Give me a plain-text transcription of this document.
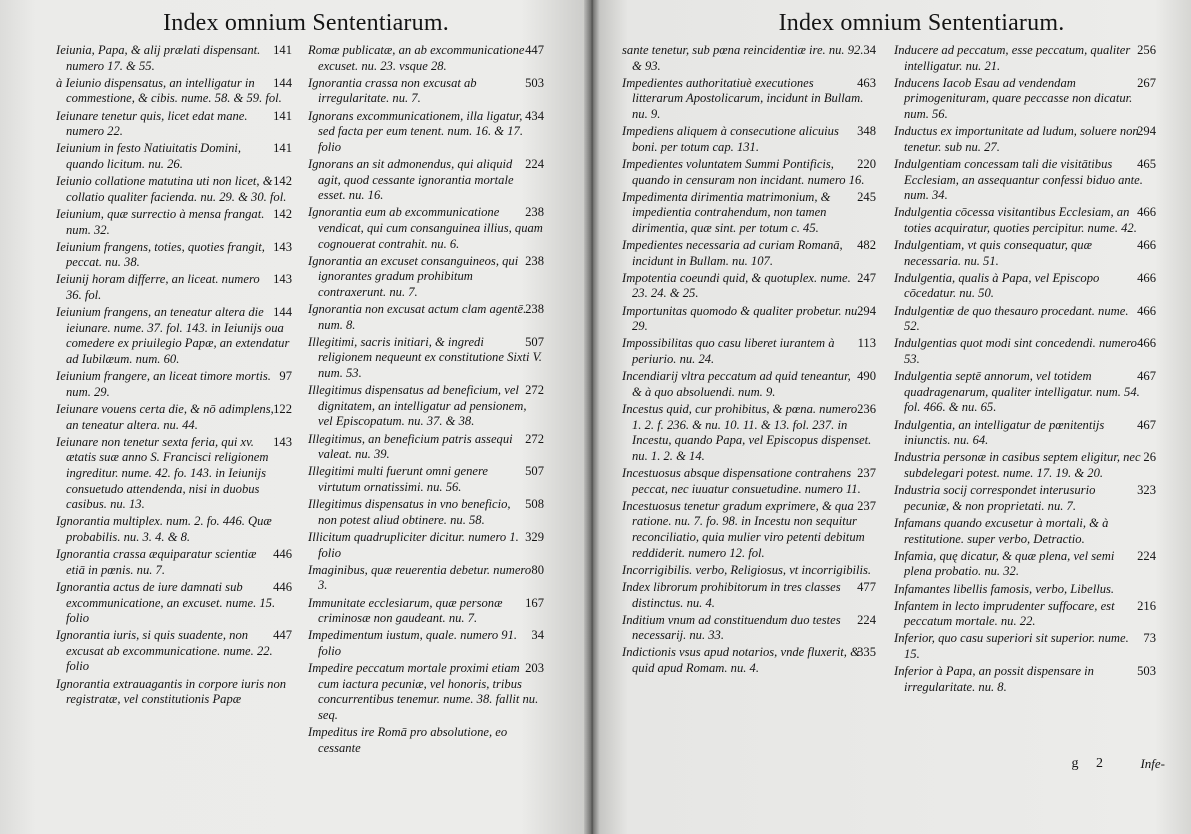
Index omnium Sententiarum.
141
Ieiunia, Papa, & alij prælati dispensant. numero 17. & 55.
144
à Ieiunio dispensatus, an intelligatur in commestione, & cibis. nume. 58. & 59. fol.
141
Ieiunare tenetur quis, licet edat mane. numero 22.
141
Ieiunium in festo Natiuitatis Domini, quando licitum. nu. 26.
142
Ieiunio collatione matutina uti non licet, & collatio qualiter facienda. nu. 29. & 30. fol.
142
Ieiunium, quæ surrectio à mensa frangat. num. 32.
143
Ieiunium frangens, toties, quoties frangit, peccat. nu. 38.
143
Ieiunij horam differre, an liceat. numero 36. fol.
144
Ieiunium frangens, an teneatur altera die ieiunare. nume. 37. fol. 143. in Ieiunijs oua comedere ex priuilegio Papæ, an extendatur ad Iubilæum. num. 60.
97
Ieiunium frangere, an liceat timore mortis. num. 29.
122
Ieiunare vouens certa die, & nō adimplens, an teneatur altera. nu. 44.
143
Ieiunare non tenetur sexta feria, qui xv. ætatis suæ anno S. Francisci religionem ingreditur. nume. 42. fo. 143. in Ieiunijs consuetudo attendenda, nisi in duobus casibus. nu. 13.
Ignorantia multiplex. num. 2. fo. 446. Quæ probabilis. nu. 3. 4. & 8.
446
Ignorantia crassa æquiparatur scientiæ etiā in pœnis. nu. 7.
446
Ignorantia actus de iure damnati sub excommunicatione, an excuset. nume. 15. folio
447
Ignorantia iuris, si quis suadente, non excusat ab excommunicatione. nume. 22. folio
Ignorantia extrauagantis in corpore iuris non registratæ, vel constitutionis Papæ
447
Romæ publicatæ, an ab excommunicatione excuset. nu. 23. vsque 28.
503
Ignorantia crassa non excusat ab irregularitate. nu. 7.
434
Ignorans excommunicationem, illa ligatur, sed facta per eum tenent. num. 16. & 17. folio
224
Ignorans an sit admonendus, qui aliquid agit, quod cessante ignorantia mortale esset. nu. 16.
238
Ignorantia eum ab excommunicatione vendicat, qui cum consanguinea illius, quam cognouerat contrahit. nu. 6.
238
Ignorantia an excuset consanguineos, qui ignorantes gradum prohibitum contraxerunt. nu. 7.
238
Ignorantia non excusat actum clam agentē. num. 8.
507
Illegitimi, sacris initiari, & ingredi religionem nequeunt ex constitutione Sixti V. num. 53.
272
Illegitimus dispensatus ad beneficium, vel dignitatem, an intelligatur ad pensionem, vel Episcopatum. nu. 37. & 38.
272
Illegitimus, an beneficium patris assequi valeat. nu. 39.
507
Illegitimi multi fuerunt omni genere virtutum ornatissimi. nu. 56.
508
Illegitimus dispensatus in vno beneficio, non potest aliud obtinere. nu. 58.
329
Illicitum quadrupliciter dicitur. numero 1. folio
80
Imaginibus, quæ reuerentia debetur. numero 3.
167
Immunitate ecclesiarum, quæ personæ criminosæ non gaudeant. nu. 7.
34
Impedimentum iustum, quale. numero 91. folio
203
Impedire peccatum mortale proximi etiam cum iactura pecuniæ, vel honoris, tribus concurrentibus tenemur. nume. 38. fallit nu. seq.
Impeditus ire Romā pro absolutione, eo cessante
Index omnium Sententiarum.
34
sante tenetur, sub pœna reincidentiæ ire. nu. 92. & 93.
463
Impedientes authoritatiuè executiones litterarum Apostolicarum, incidunt in Bullam. nu. 9.
348
Impediens aliquem à consecutione alicuius boni. per totum cap. 131.
220
Impedientes voluntatem Summi Pontificis, quando in censuram non incidant. numero 16.
245
Impedimenta dirimentia matrimonium, & impedientia contrahendum, non tamen dirimentia, quæ sint. per totum c. 45.
482
Impedientes necessaria ad curiam Romanā, incidunt in Bullam. nu. 107.
247
Impotentia coeundi quid, & quotuplex. nume. 23. 24. & 25.
294
Importunitas quomodo & qualiter probetur. nu. 29.
113
Impossibilitas quo casu liberet iurantem à periurio. nu. 24.
490
Incendiarij vltra peccatum ad quid teneantur, & à quo absoluendi. num. 9.
236
Incestus quid, cur prohibitus, & pœna. numero 1. 2. f. 236. & nu. 10. 11. & 13. fol. 237. in Incestu, quando Papa, vel Episcopus dispenset. nu. 1. 2. & 14.
237
Incestuosus absque dispensatione contrahens peccat, nec iuuatur consuetudine. numero 11.
237
Incestuosus tenetur gradum exprimere, & qua ratione. nu. 7. fo. 98. in Incestu non sequitur reconciliatio, quia mulier viro petenti debitum reddiderit. numero 12. fol.
Incorrigibilis. verbo, Religiosus, vt incorrigibilis.
477
Index librorum prohibitorum in tres classes distinctus. nu. 4.
224
Inditium vnum ad constituendum duo testes necessarij. nu. 33.
335
Indictionis vsus apud notarios, vnde fluxerit, & quid apud Romam. nu. 4.
256
Inducere ad peccatum, esse peccatum, qualiter intelligatur. nu. 21.
267
Inducens Iacob Esau ad vendendam primogenituram, quare peccasse non dicatur. num. 56.
294
Inductus ex importunitate ad ludum, soluere non tenetur. sub nu. 27.
465
Indulgentiam concessam tali die visitātibus Ecclesiam, an assequantur confessi biduo ante. num. 34.
466
Indulgentia cōcessa visitantibus Ecclesiam, an toties acquiratur, quoties percipitur. nume. 42.
466
Indulgentiam, vt quis consequatur, quæ necessaria. nu. 51.
466
Indulgentia, qualis à Papa, vel Episcopo cōcedatur. nu. 50.
466
Indulgentiæ de quo thesauro procedant. nume. 52.
466
Indulgentias quot modi sint concedendi. numero 53.
467
Indulgentia septē annorum, vel totidem quadragenarum, qualiter intelligatur. num. 54. fol. 466. & nu. 65.
467
Indulgentia, an intelligatur de pœnitentijs iniunctis. nu. 64.
26
Industria personæ in casibus septem eligitur, nec subdelegari potest. nume. 17. 19. & 20.
323
Industria socij correspondet interusurio pecuniæ, & non proprietati. nu. 7.
Infamans quando excusetur à mortali, & à restitutione. super verbo, Detractio.
224
Infamia, quę dicatur, & quæ plena, vel semi plena probatio. nu. 32.
Infamantes libellis famosis, verbo, Libellus.
216
Infantem in lecto imprudenter suffocare, est peccatum mortale. nu. 22.
73
Inferior, quo casu superiori sit superior. nume. 15.
503
Inferior à Papa, an possit dispensare in irregularitate. nu. 8.
g 2	Infe-
